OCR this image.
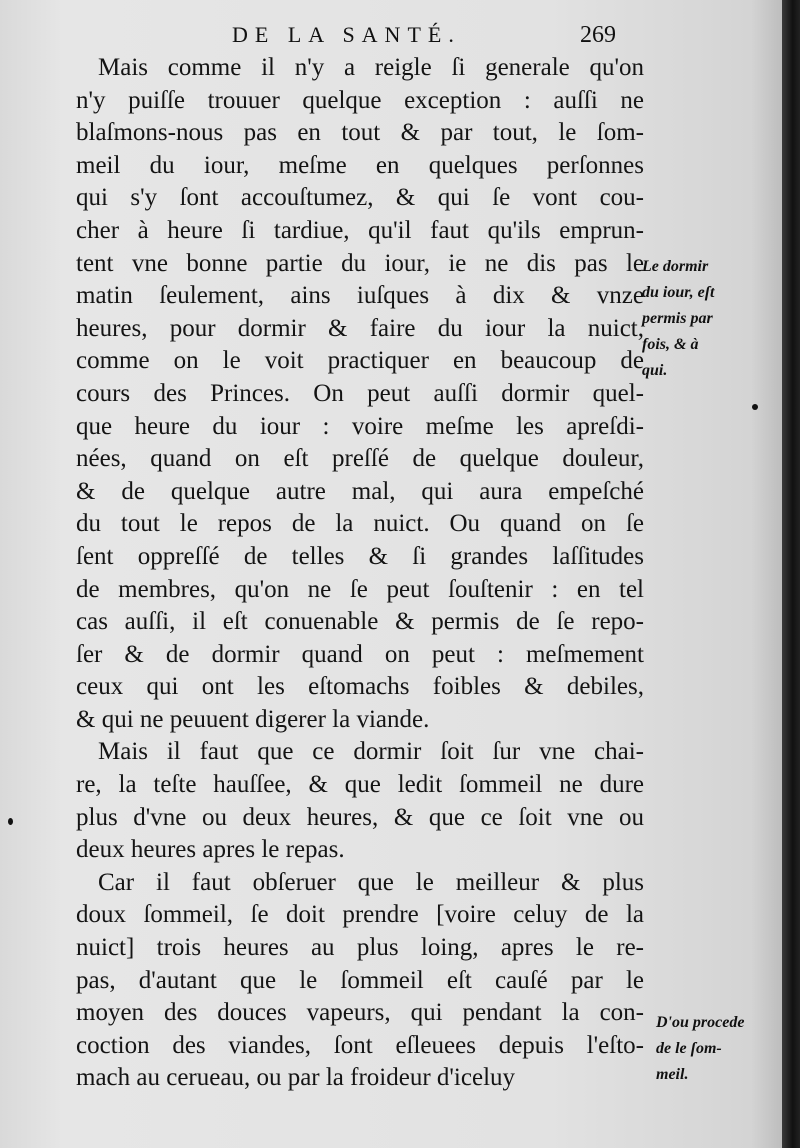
DE LA SANTÉ.	269
Mais comme il n'y a reigle ſi generale qu'on
n'y puiſſe trouuer quelque exception : auſſi ne
blaſmons-nous pas en tout & par tout, le ſom-
meil du iour, meſme en quelques perſonnes
qui s'y ſont accouſtumez, & qui ſe vont cou-
cher à heure ſi tardiue, qu'il faut qu'ils emprun-
tent vne bonne partie du iour, ie ne dis pas le
matin ſeulement, ains iuſques à dix & vnze
heures, pour dormir & faire du iour la nuict,
comme on le voit practiquer en beaucoup de
cours des Princes. On peut auſſi dormir quel-
que heure du iour : voire meſme les apreſdi-
nées, quand on eſt preſſé de quelque douleur,
& de quelque autre mal, qui aura empeſché
du tout le repos de la nuict. Ou quand on ſe
ſent oppreſſé de telles & ſi grandes laſſitudes
de membres, qu'on ne ſe peut ſouſtenir : en tel
cas auſſi, il eſt conuenable & permis de ſe repo-
ſer & de dormir quand on peut : meſmement
ceux qui ont les eſtomachs foibles & debiles,
& qui ne peuuent digerer la viande.
Mais il faut que ce dormir ſoit ſur vne chai-
re, la teſte hauſſee, & que ledit ſommeil ne dure
plus d'vne ou deux heures, & que ce ſoit vne ou
deux heures apres le repas.
Car il faut obſeruer que le meilleur & plus
doux ſommeil, ſe doit prendre [voire celuy de la
nuict] trois heures au plus loing, apres le re-
pas, d'autant que le ſommeil eſt cauſé par le
moyen des douces vapeurs, qui pendant la con-
coction des viandes, ſont eſleuees depuis l'eſto-
mach au cerueau, ou par la froideur d'iceluy
Le dormir
du iour, eſt
permis par
fois, & à
qui.
D'ou procede
de le ſom-
meil.
